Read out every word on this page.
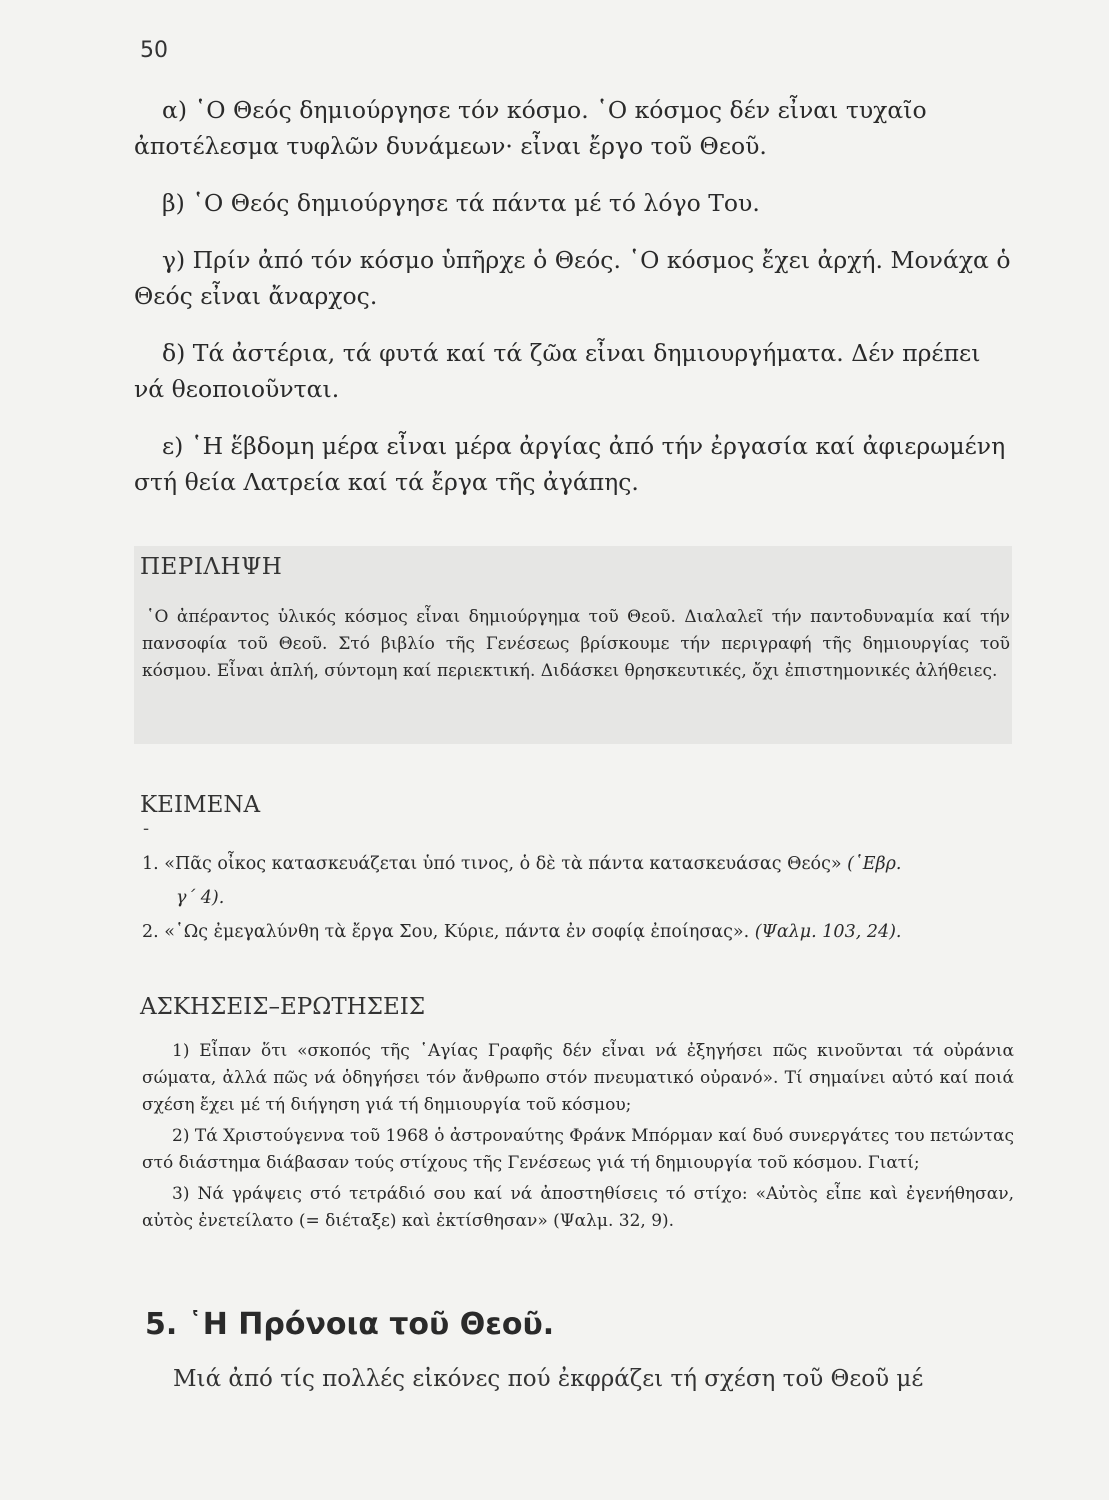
50

α) ῾Ο Θεός δημιούργησε τόν κόσμο. ῾Ο κόσμος δέν εἶναι τυχαῖο ἀποτέλεσμα τυφλῶν δυνάμεων· εἶναι ἔργο τοῦ Θεοῦ.

β) ῾Ο Θεός δημιούργησε τά πάντα μέ τό λόγο Του.

γ) Πρίν ἀπό τόν κόσμο ὑπῆρχε ὁ Θεός. ῾Ο κόσμος ἔχει ἀρχή. Μονάχα ὁ Θεός εἶναι ἄναρχος.

δ) Τά ἀστέρια, τά φυτά καί τά ζῶα εἶναι δημιουργήματα. Δέν πρέπει νά θεοποιοῦνται.

ε) ῾Η ἕβδομη μέρα εἶναι μέρα ἀργίας ἀπό τήν ἐργασία καί ἀφιερωμένη στή θεία Λατρεία καί τά ἔργα τῆς ἀγάπης.

ΠΕΡΙΛΗΨΗ
῾Ο ἀπέραντος ὑλικός κόσμος εἶναι δημιούργημα τοῦ Θεοῦ. Διαλαλεῖ τήν παντοδυναμία καί τήν πανσοφία τοῦ Θεοῦ. Στό βιβλίο τῆς Γενέσεως βρίσκουμε τήν περιγραφή τῆς δημιουργίας τοῦ κόσμου. Εἶναι ἁπλή, σύντομη καί περιεκτική. Διδάσκει θρησκευτικές, ὄχι ἐπιστημονικές ἀλήθειες.
ΚΕΙΜΕΝΑ
-

1. «Πᾶς οἶκος κατασκευάζεται ὑπό τινος, ὁ δὲ τὰ πάντα κατασκευάσας Θεός» (῾Εβρ.

γ΄ 4).

2. «῾Ως ἐμεγαλύνθη τὰ ἔργα Σου, Κύριε, πάντα ἐν σοφίᾳ ἐποίησας». (Ψαλμ. 103, 24).

ΑΣΚΗΣΕΙΣ–ΕΡΩΤΗΣΕΙΣ

1) Εἶπαν ὅτι «σκοπός τῆς ῾Αγίας Γραφῆς δέν εἶναι νά ἐξηγήσει πῶς κινοῦνται τά οὐράνια σώματα, ἀλλά πῶς νά ὁδηγήσει τόν ἄνθρωπο στόν πνευματικό οὐρανό». Τί σημαίνει αὐτό καί ποιά σχέση ἔχει μέ τή διήγηση γιά τή δημιουργία τοῦ κόσμου;

2) Τά Χριστούγεννα τοῦ 1968 ὁ ἀστροναύτης Φράνκ Μπόρμαν καί δυό συνεργάτες του πετώντας στό διάστημα διάβασαν τούς στίχους τῆς Γενέσεως γιά τή δημιουργία τοῦ κόσμου. Γιατί;

3) Νά γράψεις στό τετράδιό σου καί νά ἀποστηθίσεις τό στίχο: «Αὐτὸς εἶπε καὶ ἐγενήθησαν, αὐτὸς ἐνετείλατο (= διέταξε) καὶ ἐκτίσθησαν» (Ψαλμ. 32, 9).

5. ῾Η Πρόνοια τοῦ Θεοῦ.
Μιά ἀπό τίς πολλές εἰκόνες πού ἐκφράζει τή σχέση τοῦ Θεοῦ μέ
